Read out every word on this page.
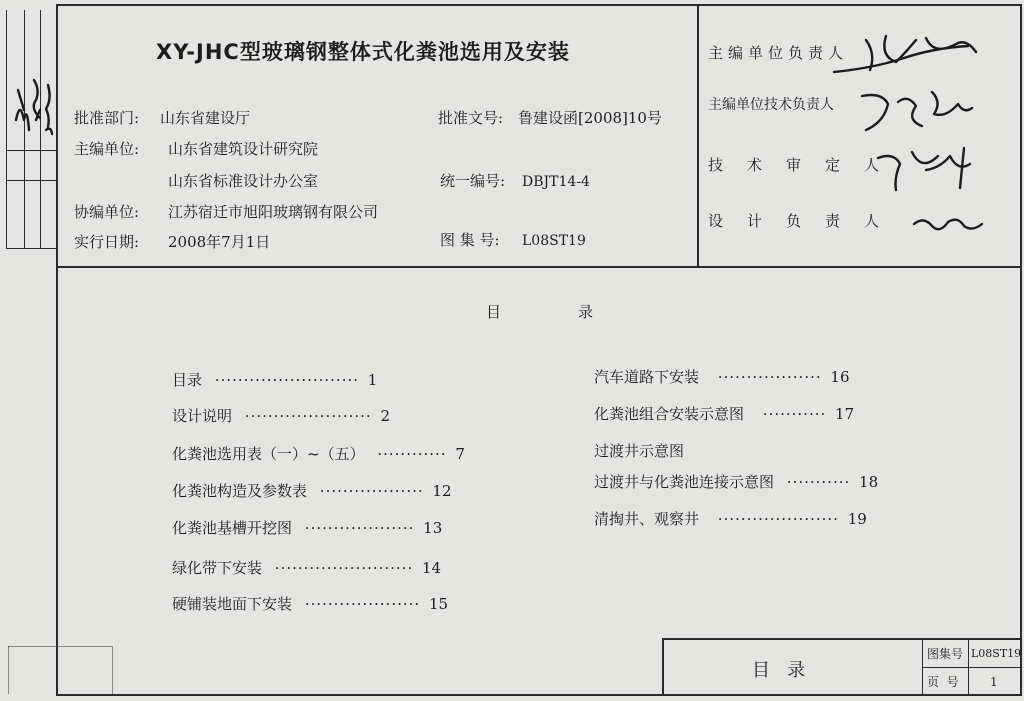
XY-JHC型玻璃钢整体式化粪池选用及安装
批准部门: 山东省建设厅	批准文号: 鲁建设函[2008]10号
主编单位: 山东省建筑设计研究院
山东省标准设计办公室	统一编号: DBJT14-4
协编单位: 江苏宿迁市旭阳玻璃钢有限公司
实行日期: 2008年7月1日	图 集 号: L08ST19
主编单位负责人
主编单位技术负责人
技术审定人
设计负责人
目	录
目录 ························· 1
设计说明 ······················ 2
化粪池选用表（一）~（五） ············ 7
化粪池构造及参数表 ·················· 12
化粪池基槽开挖图 ··················· 13
绿化带下安装 ························ 14
硬铺装地面下安装 ···················· 15
汽车道路下安装 ·················· 16
化粪池组合安装示意图 ··········· 17
过渡井示意图
过渡井与化粪池连接示意图 ··········· 18
清掏井、观察井 ····················· 19
目   录
图集号 L08ST19
页  号	1
